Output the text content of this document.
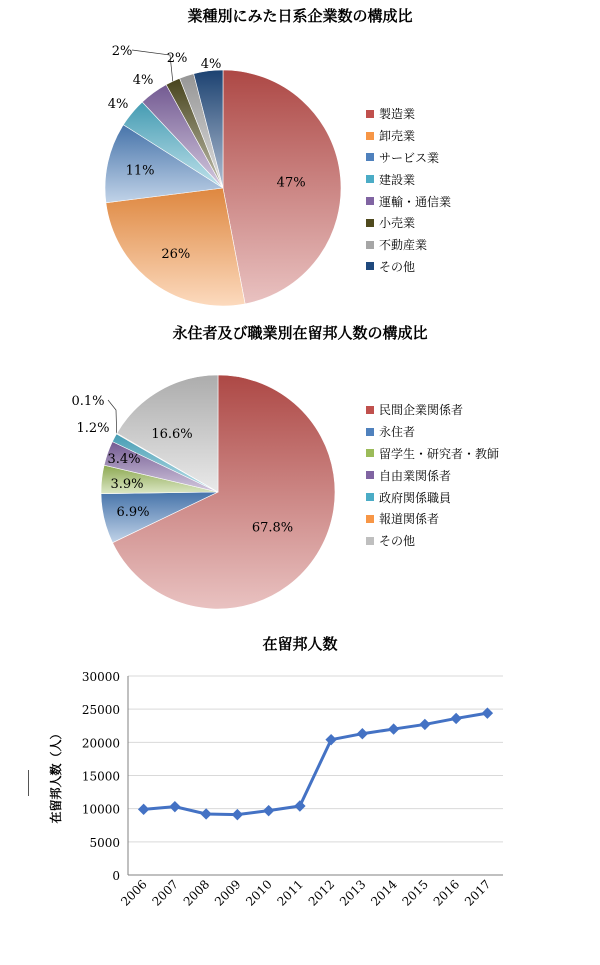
業種別にみた日系企業数の構成比
47%
26%
11%
4%
4%
2%	2% 4%
製造業
卸売業
サービス業
建設業
運輸・通信業
小売業
不動産業
その他
永住者及び職業別在留邦人数の構成比
67.8%
6.9%
3.9%
3.4%
1.2%
0.1%
16.6%
民間企業関係者
永住者
留学生・研究者・教師
自由業関係者
政府関係職員
報道関係者
その他
在留邦人数
0
5000
10000
15000
20000
25000
30000
2006 2007 2008 2009 2010 2011 2012 2013 2014 2015 2016 2017
在留邦人数（人）
